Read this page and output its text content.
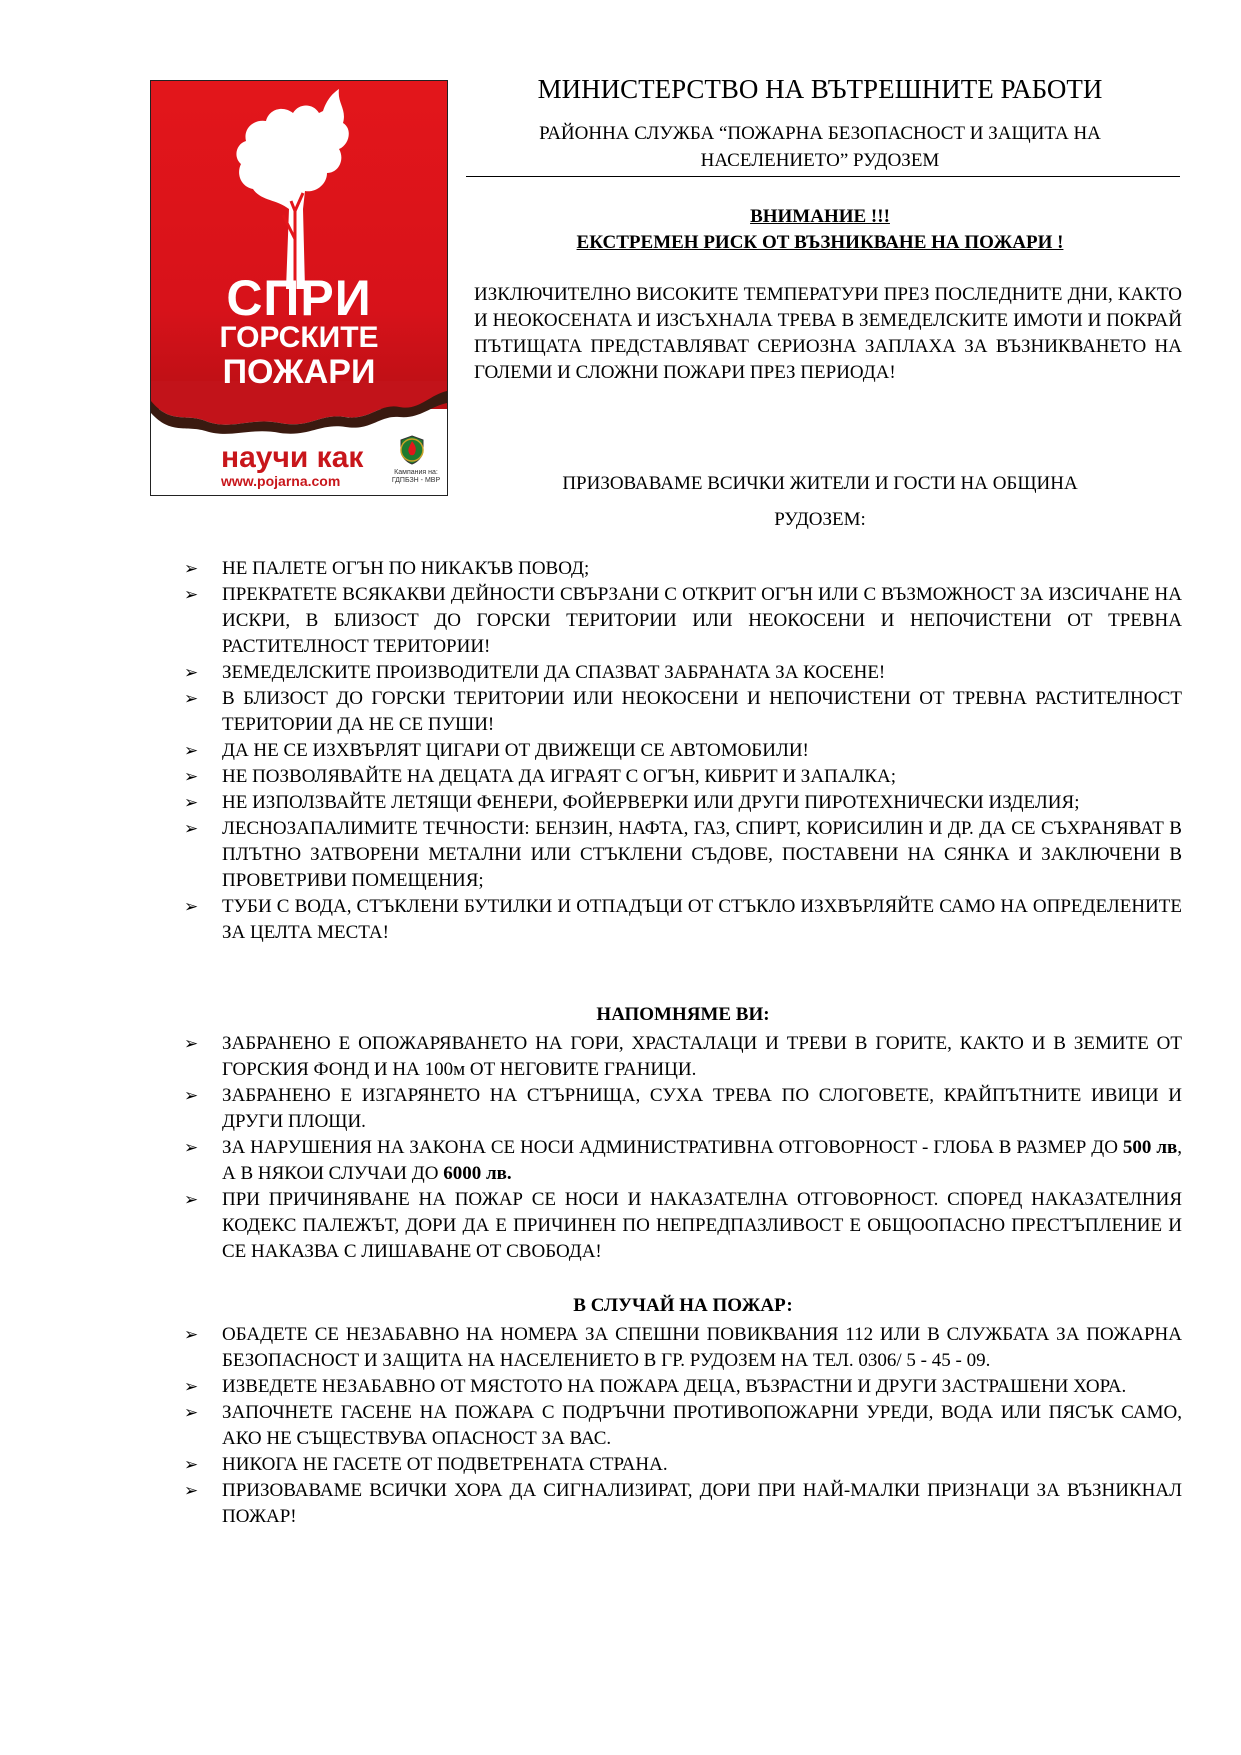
СПРИ
ГОРСКИТЕ
ПОЖАРИ
научи как
www.pojarna.com
Кампания на: ГДПБЗН - МВР
МИНИСТЕРСТВО НА ВЪТРЕШНИТЕ РАБОТИ
РАЙОННА СЛУЖБА “ПОЖАРНА БЕЗОПАСНОСТ И ЗАЩИТА НА
НАСЕЛЕНИЕТО” РУДОЗЕМ
ВНИМАНИЕ !!!
ЕКСТРЕМЕН РИСК ОТ ВЪЗНИКВАНЕ НА ПОЖАРИ !
ИЗКЛЮЧИТЕЛНО ВИСОКИТЕ ТЕМПЕРАТУРИ ПРЕЗ ПОСЛЕДНИТЕ ДНИ, КАКТО И НЕОКОСЕНАТА И ИЗСЪХНАЛА ТРЕВА В ЗЕМЕДЕЛСКИТЕ ИМОТИ И ПОКРАЙ ПЪТИЩАТА ПРЕДСТАВЛЯВАТ СЕРИОЗНА ЗАПЛАХА ЗА ВЪЗНИКВАНЕТО НА ГОЛЕМИ И СЛОЖНИ ПОЖАРИ ПРЕЗ ПЕРИОДА!
ПРИЗОВАВАМЕ ВСИЧКИ ЖИТЕЛИ И ГОСТИ НА ОБЩИНА
РУДОЗЕМ:
➢ НЕ ПАЛЕТЕ ОГЪН ПО НИКАКЪВ ПОВОД;
➢ ПРЕКРАТЕТЕ ВСЯКАКВИ ДЕЙНОСТИ СВЪРЗАНИ С ОТКРИТ ОГЪН ИЛИ С ВЪЗМОЖНОСТ ЗА ИЗСИЧАНЕ НА ИСКРИ, В БЛИЗОСТ ДО ГОРСКИ ТЕРИТОРИИ ИЛИ НЕОКОСЕНИ И НЕПОЧИСТЕНИ ОТ ТРЕВНА РАСТИТЕЛНОСТ ТЕРИТОРИИ!
➢ ЗЕМЕДЕЛСКИТЕ ПРОИЗВОДИТЕЛИ ДА СПАЗВАТ ЗАБРАНАТА ЗА КОСЕНЕ!
➢ В БЛИЗОСТ ДО ГОРСКИ ТЕРИТОРИИ ИЛИ НЕОКОСЕНИ И НЕПОЧИСТЕНИ ОТ ТРЕВНА РАСТИТЕЛНОСТ ТЕРИТОРИИ ДА НЕ СЕ ПУШИ!
➢ ДА НЕ СЕ ИЗХВЪРЛЯТ ЦИГАРИ ОТ ДВИЖЕЩИ СЕ АВТОМОБИЛИ!
➢ НЕ ПОЗВОЛЯВАЙТЕ НА ДЕЦАТА ДА ИГРАЯТ С ОГЪН, КИБРИТ И ЗАПАЛКА;
➢ НЕ ИЗПОЛЗВАЙТЕ ЛЕТЯЩИ ФЕНЕРИ, ФОЙЕРВЕРКИ ИЛИ ДРУГИ ПИРОТЕХНИЧЕСКИ ИЗДЕЛИЯ;
➢ ЛЕСНОЗАПАЛИМИТЕ ТЕЧНОСТИ: БЕНЗИН, НАФТА, ГАЗ, СПИРТ, КОРИСИЛИН И ДР. ДА СЕ СЪХРАНЯВАТ В ПЛЪТНО ЗАТВОРЕНИ МЕТАЛНИ ИЛИ СТЪКЛЕНИ СЪДОВЕ, ПОСТАВЕНИ НА СЯНКА И ЗАКЛЮЧЕНИ В ПРОВЕТРИВИ ПОМЕЩЕНИЯ;
➢ ТУБИ С ВОДА, СТЪКЛЕНИ БУТИЛКИ И ОТПАДЪЦИ ОТ СТЪКЛО ИЗХВЪРЛЯЙТЕ САМО НА ОПРЕДЕЛЕНИТЕ ЗА ЦЕЛТА МЕСТА!
НАПОМНЯМЕ ВИ:
➢ ЗАБРАНЕНО Е ОПОЖАРЯВАНЕТО НА ГОРИ, ХРАСТАЛАЦИ И ТРЕВИ В ГОРИТЕ, КАКТО И В ЗЕМИТЕ ОТ ГОРСКИЯ ФОНД И НА 100м ОТ НЕГОВИТЕ ГРАНИЦИ.
➢ ЗАБРАНЕНО Е ИЗГАРЯНЕТО НА СТЪРНИЩА, СУХА ТРЕВА ПО СЛОГОВЕТЕ, КРАЙПЪТНИТЕ ИВИЦИ И ДРУГИ ПЛОЩИ.
➢ ЗА НАРУШЕНИЯ НА ЗАКОНА СЕ НОСИ АДМИНИСТРАТИВНА ОТГОВОРНОСТ - ГЛОБА В РАЗМЕР ДО 500 лв, А В НЯКОИ СЛУЧАИ ДО 6000 лв.
➢ ПРИ ПРИЧИНЯВАНЕ НА ПОЖАР СЕ НОСИ И НАКАЗАТЕЛНА ОТГОВОРНОСТ. СПОРЕД НАКАЗАТЕЛНИЯ КОДЕКС ПАЛЕЖЪТ, ДОРИ ДА Е ПРИЧИНЕН ПО НЕПРЕДПАЗЛИВОСТ Е ОБЩООПАСНО ПРЕСТЪПЛЕНИЕ И СЕ НАКАЗВА С ЛИШАВАНЕ ОТ СВОБОДА!
В СЛУЧАЙ НА ПОЖАР:
➢ ОБАДЕТЕ СЕ НЕЗАБАВНО НА НОМЕРА ЗА СПЕШНИ ПОВИКВАНИЯ 112 ИЛИ В СЛУЖБАТА ЗА ПОЖАРНА БЕЗОПАСНОСТ И ЗАЩИТА НА НАСЕЛЕНИЕТО В ГР. РУДОЗЕМ НА ТЕЛ. 0306/ 5 - 45 - 09.
➢ ИЗВЕДЕТЕ НЕЗАБАВНО ОТ МЯСТОТО НА ПОЖАРА ДЕЦА, ВЪЗРАСТНИ И ДРУГИ ЗАСТРАШЕНИ ХОРА.
➢ ЗАПОЧНЕТЕ ГАСЕНЕ НА ПОЖАРА С ПОДРЪЧНИ ПРОТИВОПОЖАРНИ УРЕДИ, ВОДА ИЛИ ПЯСЪК САМО, АКО НЕ СЪЩЕСТВУВА ОПАСНОСТ ЗА ВАС.
➢ НИКОГА НЕ ГАСЕТЕ ОТ ПОДВЕТРЕНАТА СТРАНА.
➢ ПРИЗОВАВАМЕ ВСИЧКИ ХОРА ДА СИГНАЛИЗИРАТ, ДОРИ ПРИ НАЙ-МАЛКИ ПРИЗНАЦИ ЗА ВЪЗНИКНАЛ ПОЖАР!
